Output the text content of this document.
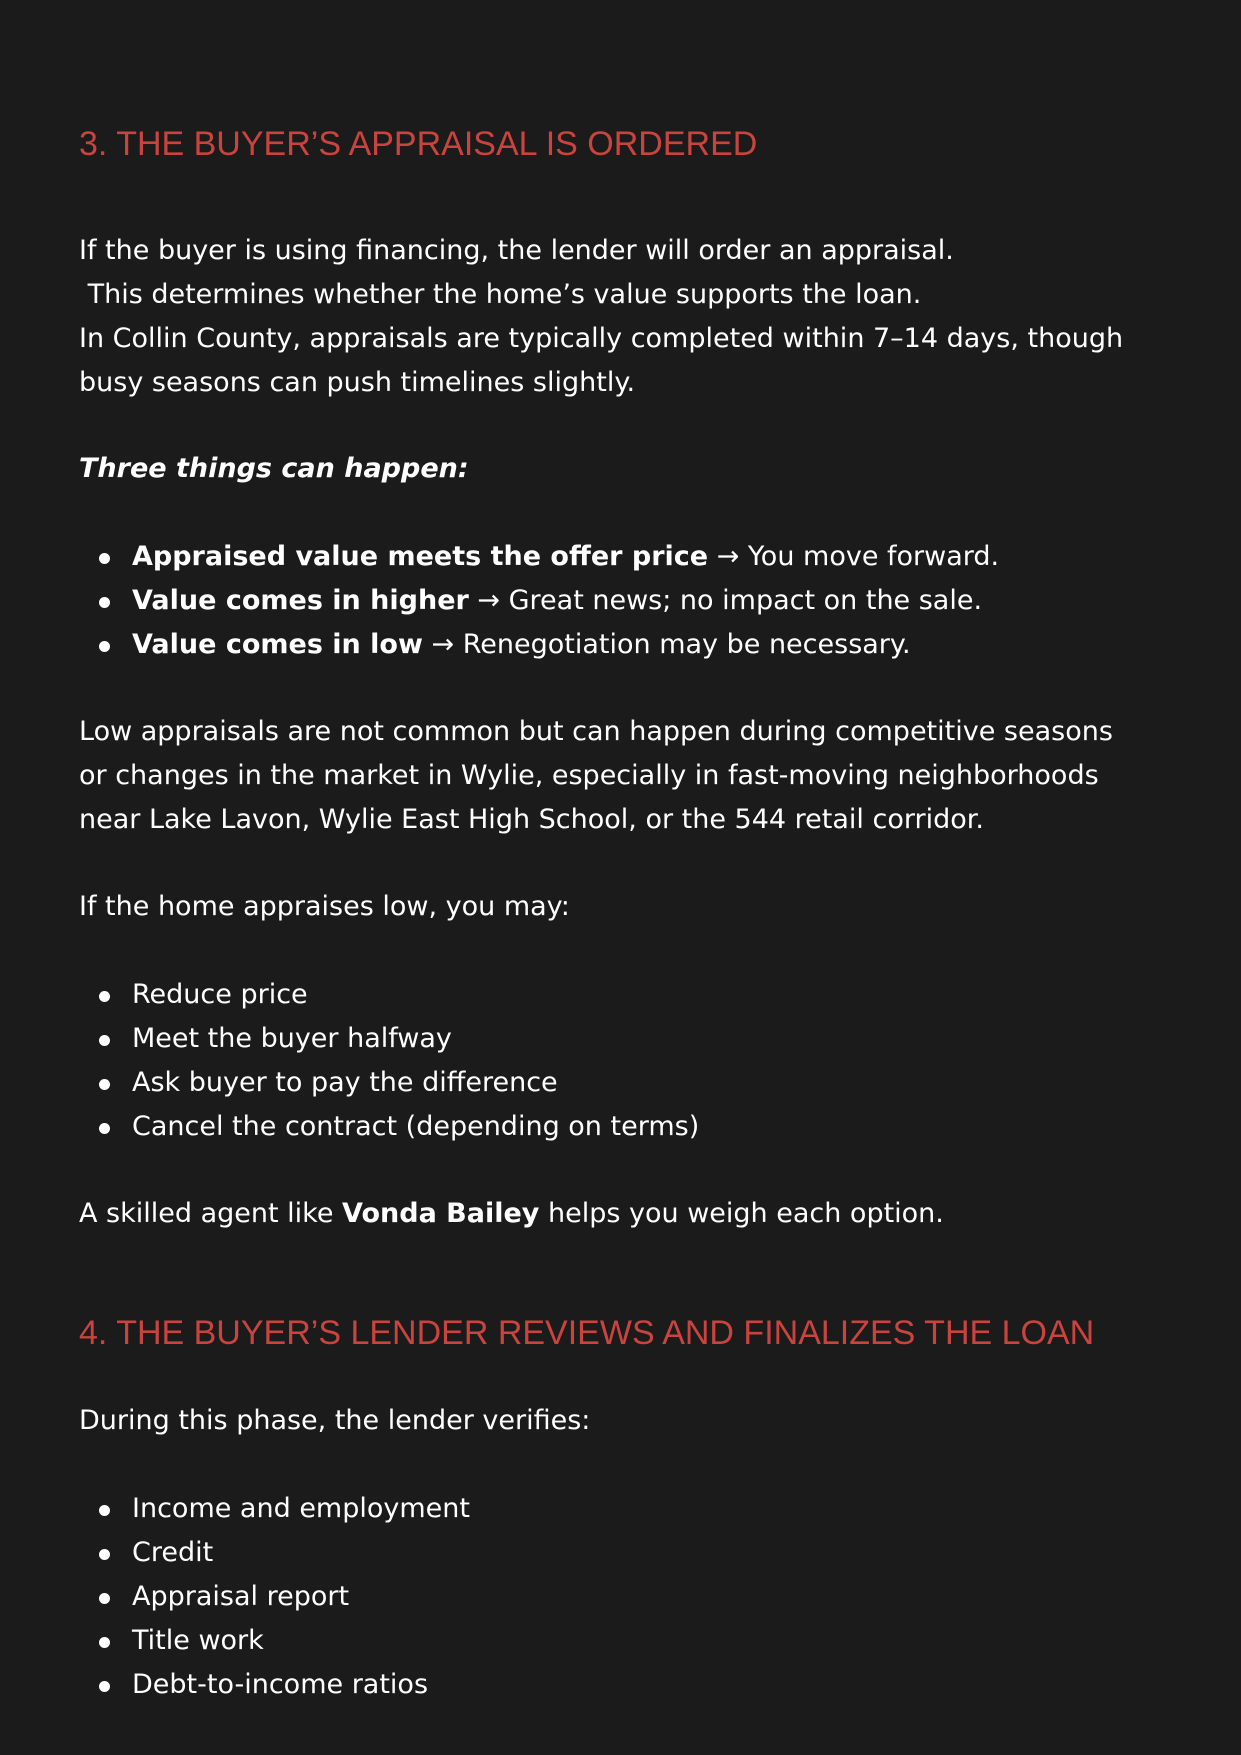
3. THE BUYER’S APPRAISAL IS ORDERED

If the buyer is using financing, the lender will order an appraisal.
This determines whether the home’s value supports the loan.
In Collin County, appraisals are typically completed within 7–14 days, though
busy seasons can push timelines slightly.

Three things can happen:

Appraised value meets the offer price → You move forward.
Value comes in higher → Great news; no impact on the sale.
Value comes in low → Renegotiation may be necessary.

Low appraisals are not common but can happen during competitive seasons
or changes in the market in Wylie, especially in fast-moving neighborhoods
near Lake Lavon, Wylie East High School, or the 544 retail corridor.

If the home appraises low, you may:

Reduce price
Meet the buyer halfway
Ask buyer to pay the difference
Cancel the contract (depending on terms)

A skilled agent like Vonda Bailey helps you weigh each option.

4. THE BUYER’S LENDER REVIEWS AND FINALIZES THE LOAN

During this phase, the lender verifies:

Income and employment
Credit
Appraisal report
Title work
Debt-to-income ratios
